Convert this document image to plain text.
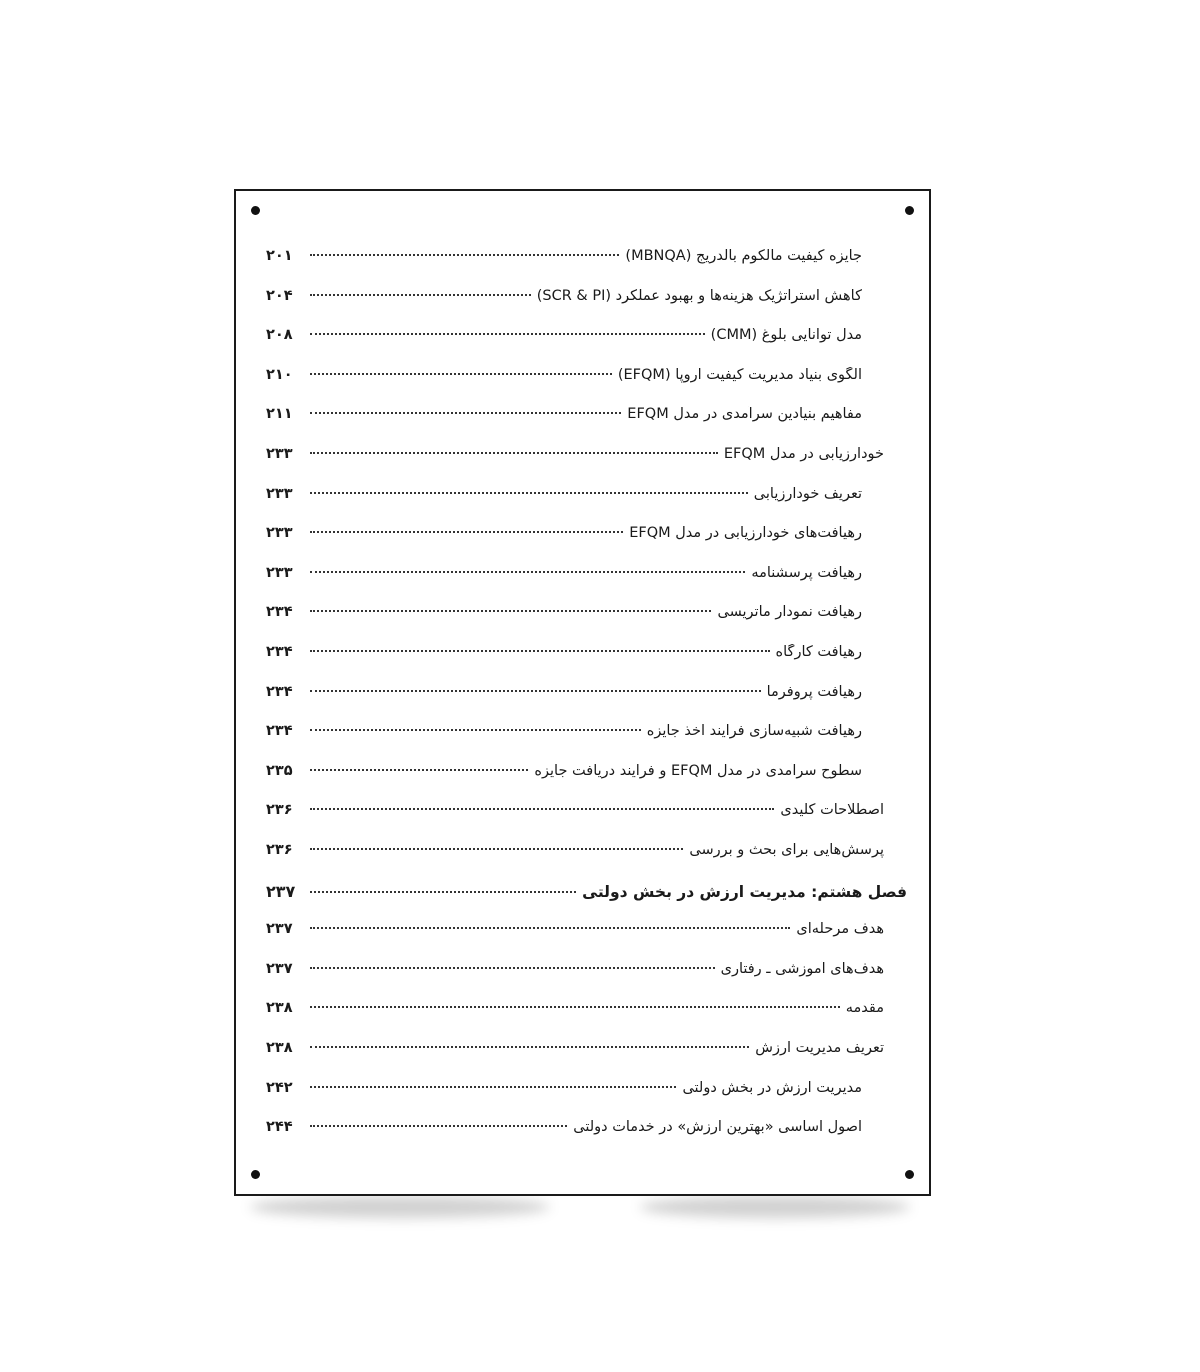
جایزه کیفیت مالکوم بالدریج (MBNQA)
۲۰۱
کاهش استراتژیک هزینه‌ها و بهبود عملکرد (SCR & PI)
۲۰۴
مدل توانایی بلوغ (CMM)
۲۰۸
الگوی بنیاد مدیریت کیفیت اروپا (EFQM)
۲۱۰
مفاهیم بنیادین سرآمدی در مدل EFQM
۲۱۱
خودارزیابی در مدل EFQM
۲۳۳
تعریف خودارزیابی
۲۳۳
رهیافت‌های خودارزیابی در مدل EFQM
۲۳۳
رهیافت پرسشنامه
۲۳۳
رهیافت نمودار ماتریسی
۲۳۴
رهیافت کارگاه
۲۳۴
رهیافت پروفرما
۲۳۴
رهیافت شبیه‌سازی فرایند اخذ جایزه
۲۳۴
سطوح سرآمدی در مدل EFQM و فرایند دریافت جایزه
۲۳۵
اصطلاحات کلیدی
۲۳۶
پرسش‌هایی برای بحث و بررسی
۲۳۶
فصل هشتم: مدیریت ارزش در بخش دولتی
۲۳۷
هدف مرحله‌ای
۲۳۷
هدف‌های آموزشی ـ رفتاری
۲۳۷
مقدمه
۲۳۸
تعریف مدیریت ارزش
۲۳۸
مدیریت ارزش در بخش دولتی
۲۴۲
اصول اساسی «بهترین ارزش» در خدمات دولتی
۲۴۴
